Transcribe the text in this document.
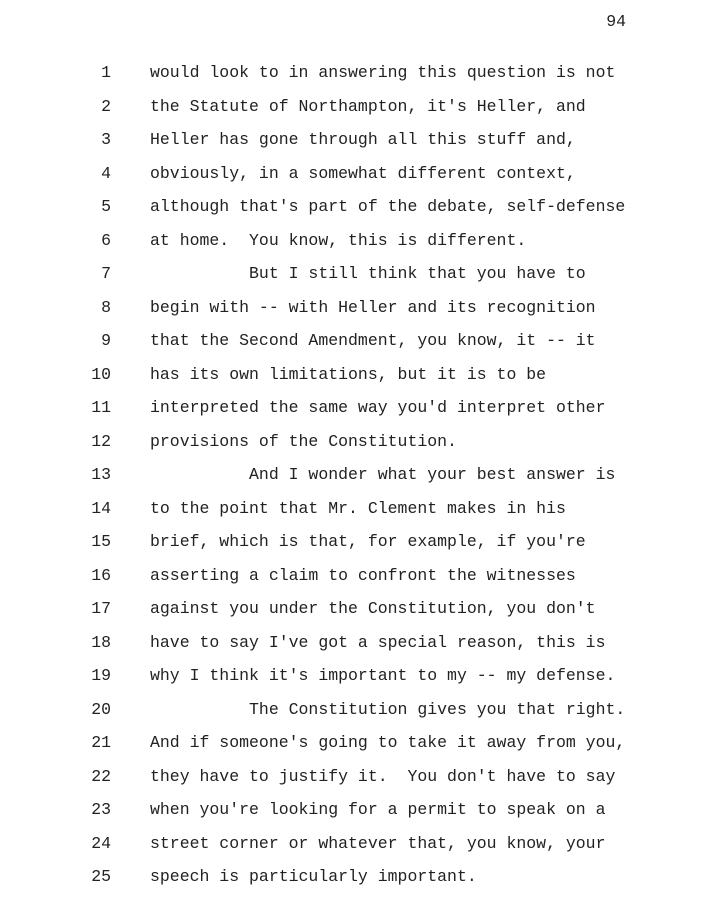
94
1 would look to in answering this question is not
2 the Statute of Northampton, it's Heller, and
3 Heller has gone through all this stuff and,
4 obviously, in a somewhat different context,
5 although that's part of the debate, self-defense
6 at home.  You know, this is different.
7 But I still think that you have to
8 begin with -- with Heller and its recognition
9 that the Second Amendment, you know, it -- it
10 has its own limitations, but it is to be
11 interpreted the same way you'd interpret other
12 provisions of the Constitution.
13 And I wonder what your best answer is
14 to the point that Mr. Clement makes in his
15 brief, which is that, for example, if you're
16 asserting a claim to confront the witnesses
17 against you under the Constitution, you don't
18 have to say I've got a special reason, this is
19 why I think it's important to my -- my defense.
20 The Constitution gives you that right.
21 And if someone's going to take it away from you,
22 they have to justify it.  You don't have to say
23 when you're looking for a permit to speak on a
24 street corner or whatever that, you know, your
25 speech is particularly important.
